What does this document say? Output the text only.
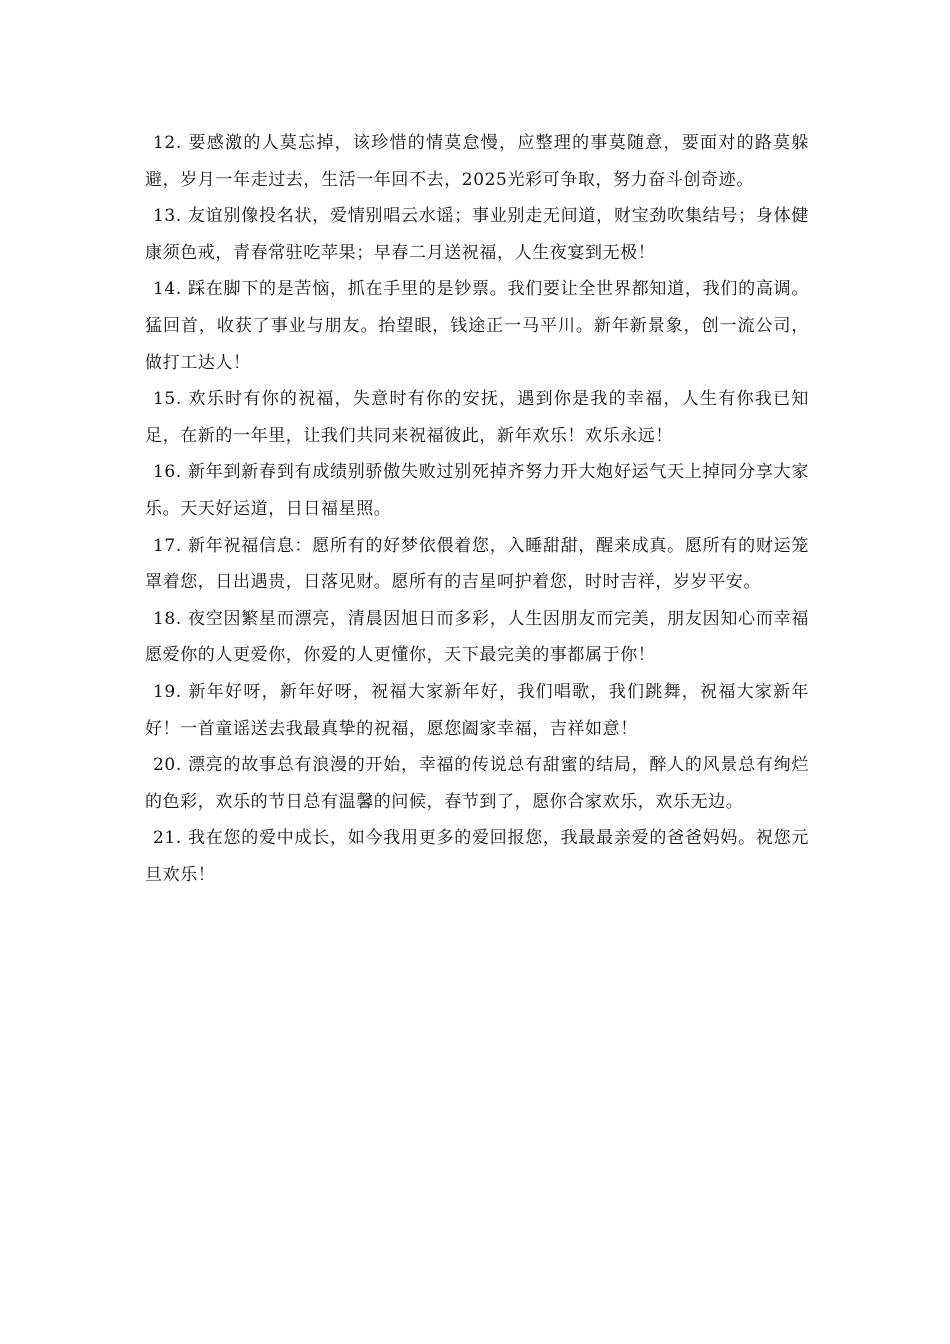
12. 要感激的人莫忘掉，该珍惜的情莫怠慢，应整理的事莫随意，要面对的路莫躲避，岁月一年走过去，生活一年回不去，2025光彩可争取，努力奋斗创奇迹。

13. 友谊别像投名状，爱情别唱云水谣；事业别走无间道，财宝劲吹集结号；身体健康须色戒，青春常驻吃苹果；早春二月送祝福，人生夜宴到无极！

14. 踩在脚下的是苦恼，抓在手里的是钞票。我们要让全世界都知道，我们的高调。猛回首，收获了事业与朋友。抬望眼，钱途正一马平川。新年新景象，创一流公司，做打工达人！

15. 欢乐时有你的祝福，失意时有你的安抚，遇到你是我的幸福，人生有你我已知足，在新的一年里，让我们共同来祝福彼此，新年欢乐！欢乐永远！

16. 新年到新春到有成绩别骄傲失败过别死掉齐努力开大炮好运气天上掉同分享大家乐。天天好运道，日日福星照。

17. 新年祝福信息：愿所有的好梦依偎着您，入睡甜甜，醒来成真。愿所有的财运笼罩着您，日出遇贵，日落见财。愿所有的吉星呵护着您，时时吉祥，岁岁平安。

18. 夜空因繁星而漂亮，清晨因旭日而多彩，人生因朋友而完美，朋友因知心而幸福愿爱你的人更爱你，你爱的人更懂你，天下最完美的事都属于你！

19. 新年好呀，新年好呀，祝福大家新年好，我们唱歌，我们跳舞，祝福大家新年好！一首童谣送去我最真挚的祝福，愿您阖家幸福，吉祥如意！

20. 漂亮的故事总有浪漫的开始，幸福的传说总有甜蜜的结局，醉人的风景总有绚烂的色彩，欢乐的节日总有温馨的问候，春节到了，愿你合家欢乐，欢乐无边。

21. 我在您的爱中成长，如今我用更多的爱回报您，我最最亲爱的爸爸妈妈。祝您元旦欢乐！
